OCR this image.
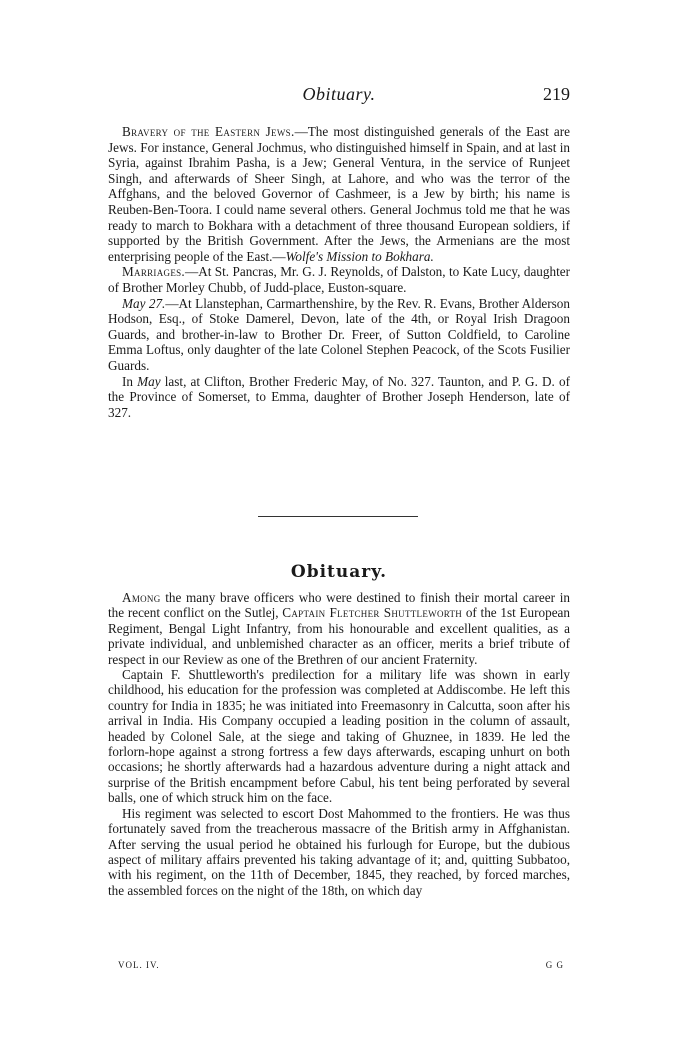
Obituary.	219

Bravery of the Eastern Jews.—The most distinguished generals of the East are Jews. For instance, General Jochmus, who distinguished himself in Spain, and at last in Syria, against Ibrahim Pasha, is a Jew; General Ventura, in the service of Runjeet Singh, and afterwards of Sheer Singh, at Lahore, and who was the terror of the Affghans, and the beloved Governor of Cashmeer, is a Jew by birth; his name is Reuben-Ben-Toora. I could name several others. General Jochmus told me that he was ready to march to Bokhara with a detachment of three thousand European soldiers, if supported by the British Government. After the Jews, the Armenians are the most enterprising people of the East.—Wolfe's Mission to Bokhara.

Marriages.—At St. Pancras, Mr. G. J. Reynolds, of Dalston, to Kate Lucy, daughter of Brother Morley Chubb, of Judd-place, Euston-square.

May 27.—At Llanstephan, Carmarthenshire, by the Rev. R. Evans, Brother Alderson Hodson, Esq., of Stoke Damerel, Devon, late of the 4th, or Royal Irish Dragoon Guards, and brother-in-law to Brother Dr. Freer, of Sutton Coldfield, to Caroline Emma Loftus, only daughter of the late Colonel Stephen Peacock, of the Scots Fusilier Guards.

In May last, at Clifton, Brother Frederic May, of No. 327. Taunton, and P. G. D. of the Province of Somerset, to Emma, daughter of Brother Joseph Henderson, late of 327.

Obituary.

Among the many brave officers who were destined to finish their mortal career in the recent conflict on the Sutlej, Captain Fletcher Shuttleworth of the 1st European Regiment, Bengal Light Infantry, from his honourable and excellent qualities, as a private individual, and unblemished character as an officer, merits a brief tribute of respect in our Review as one of the Brethren of our ancient Fraternity.

Captain F. Shuttleworth's predilection for a military life was shown in early childhood, his education for the profession was completed at Addiscombe. He left this country for India in 1835; he was initiated into Freemasonry in Calcutta, soon after his arrival in India. His Company occupied a leading position in the column of assault, headed by Colonel Sale, at the siege and taking of Ghuznee, in 1839. He led the forlorn-hope against a strong fortress a few days afterwards, escaping unhurt on both occasions; he shortly afterwards had a hazardous adventure during a night attack and surprise of the British encampment before Cabul, his tent being perforated by several balls, one of which struck him on the face.

His regiment was selected to escort Dost Mahommed to the frontiers. He was thus fortunately saved from the treacherous massacre of the British army in Affghanistan. After serving the usual period he obtained his furlough for Europe, but the dubious aspect of military affairs prevented his taking advantage of it; and, quitting Subbatoo, with his regiment, on the 11th of December, 1845, they reached, by forced marches, the assembled forces on the night of the 18th, on which day

VOL. IV.	G G
